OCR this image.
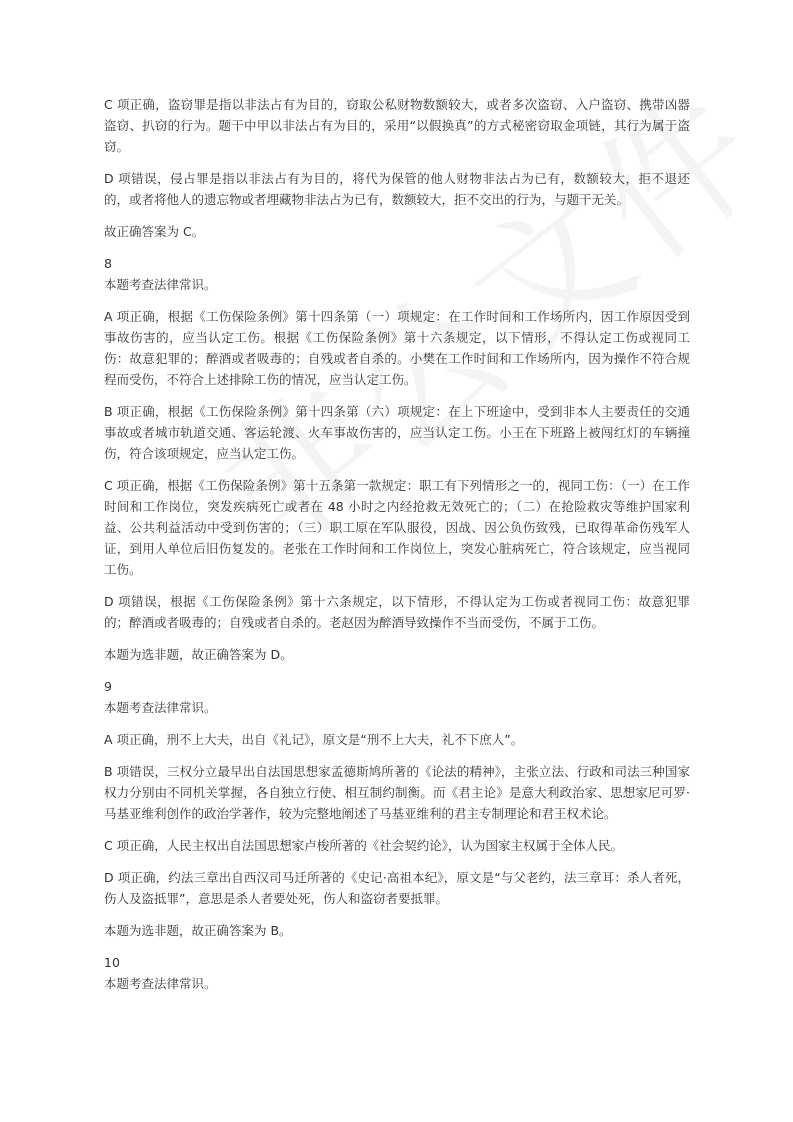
C 项正确，盗窃罪是指以非法占有为目的，窃取公私财物数额较大，或者多次盗窃、入户盗窃、携带凶器盗窃、扒窃的行为。题干中甲以非法占有为目的，采用“以假换真”的方式秘密窃取金项链，其行为属于盗窃。

D 项错误，侵占罪是指以非法占有为目的，将代为保管的他人财物非法占为已有，数额较大，拒不退还的，或者将他人的遗忘物或者埋藏物非法占为已有，数额较大，拒不交出的行为，与题干无关。

故正确答案为 C。

8

本题考查法律常识。

A 项正确，根据《工伤保险条例》第十四条第（一）项规定：在工作时间和工作场所内，因工作原因受到事故伤害的，应当认定工伤。根据《工伤保险条例》第十六条规定，以下情形，不得认定工伤或视同工伤：故意犯罪的；醉酒或者吸毒的；自残或者自杀的。小樊在工作时间和工作场所内，因为操作不符合规程而受伤，不符合上述排除工伤的情况，应当认定工伤。

B 项正确，根据《工伤保险条例》第十四条第（六）项规定：在上下班途中，受到非本人主要责任的交通事故或者城市轨道交通、客运轮渡、火车事故伤害的，应当认定工伤。小王在下班路上被闯红灯的车辆撞伤，符合该项规定，应当认定工伤。

C 项正确，根据《工伤保险条例》第十五条第一款规定：职工有下列情形之一的，视同工伤：（一）在工作时间和工作岗位，突发疾病死亡或者在 48 小时之内经抢救无效死亡的；（二）在抢险救灾等维护国家利益、公共利益活动中受到伤害的；（三）职工原在军队服役，因战、因公负伤致残，已取得革命伤残军人证，到用人单位后旧伤复发的。老张在工作时间和工作岗位上，突发心脏病死亡，符合该规定，应当视同工伤。

D 项错误，根据《工伤保险条例》第十六条规定，以下情形，不得认定为工伤或者视同工伤：故意犯罪的；醉酒或者吸毒的；自残或者自杀的。老赵因为醉酒导致操作不当而受伤，不属于工伤。

本题为选非题，故正确答案为 D。

9

本题考查法律常识。

A 项正确，刑不上大夫，出自《礼记》，原文是“刑不上大夫，礼不下庶人”。

B 项错误，三权分立最早出自法国思想家孟德斯鸠所著的《论法的精神》，主张立法、行政和司法三种国家权力分别由不同机关掌握，各自独立行使、相互制约制衡。而《君主论》是意大利政治家、思想家尼可罗·马基亚维利创作的政治学著作，较为完整地阐述了马基亚维利的君主专制理论和君王权术论。

C 项正确，人民主权出自法国思想家卢梭所著的《社会契约论》，认为国家主权属于全体人民。

D 项正确，约法三章出自西汉司马迁所著的《史记·高祖本纪》，原文是“与父老约，法三章耳：杀人者死，伤人及盗抵罪”，意思是杀人者要处死，伤人和盗窃者要抵罪。

本题为选非题，故正确答案为 B。

10

本题考查法律常识。
